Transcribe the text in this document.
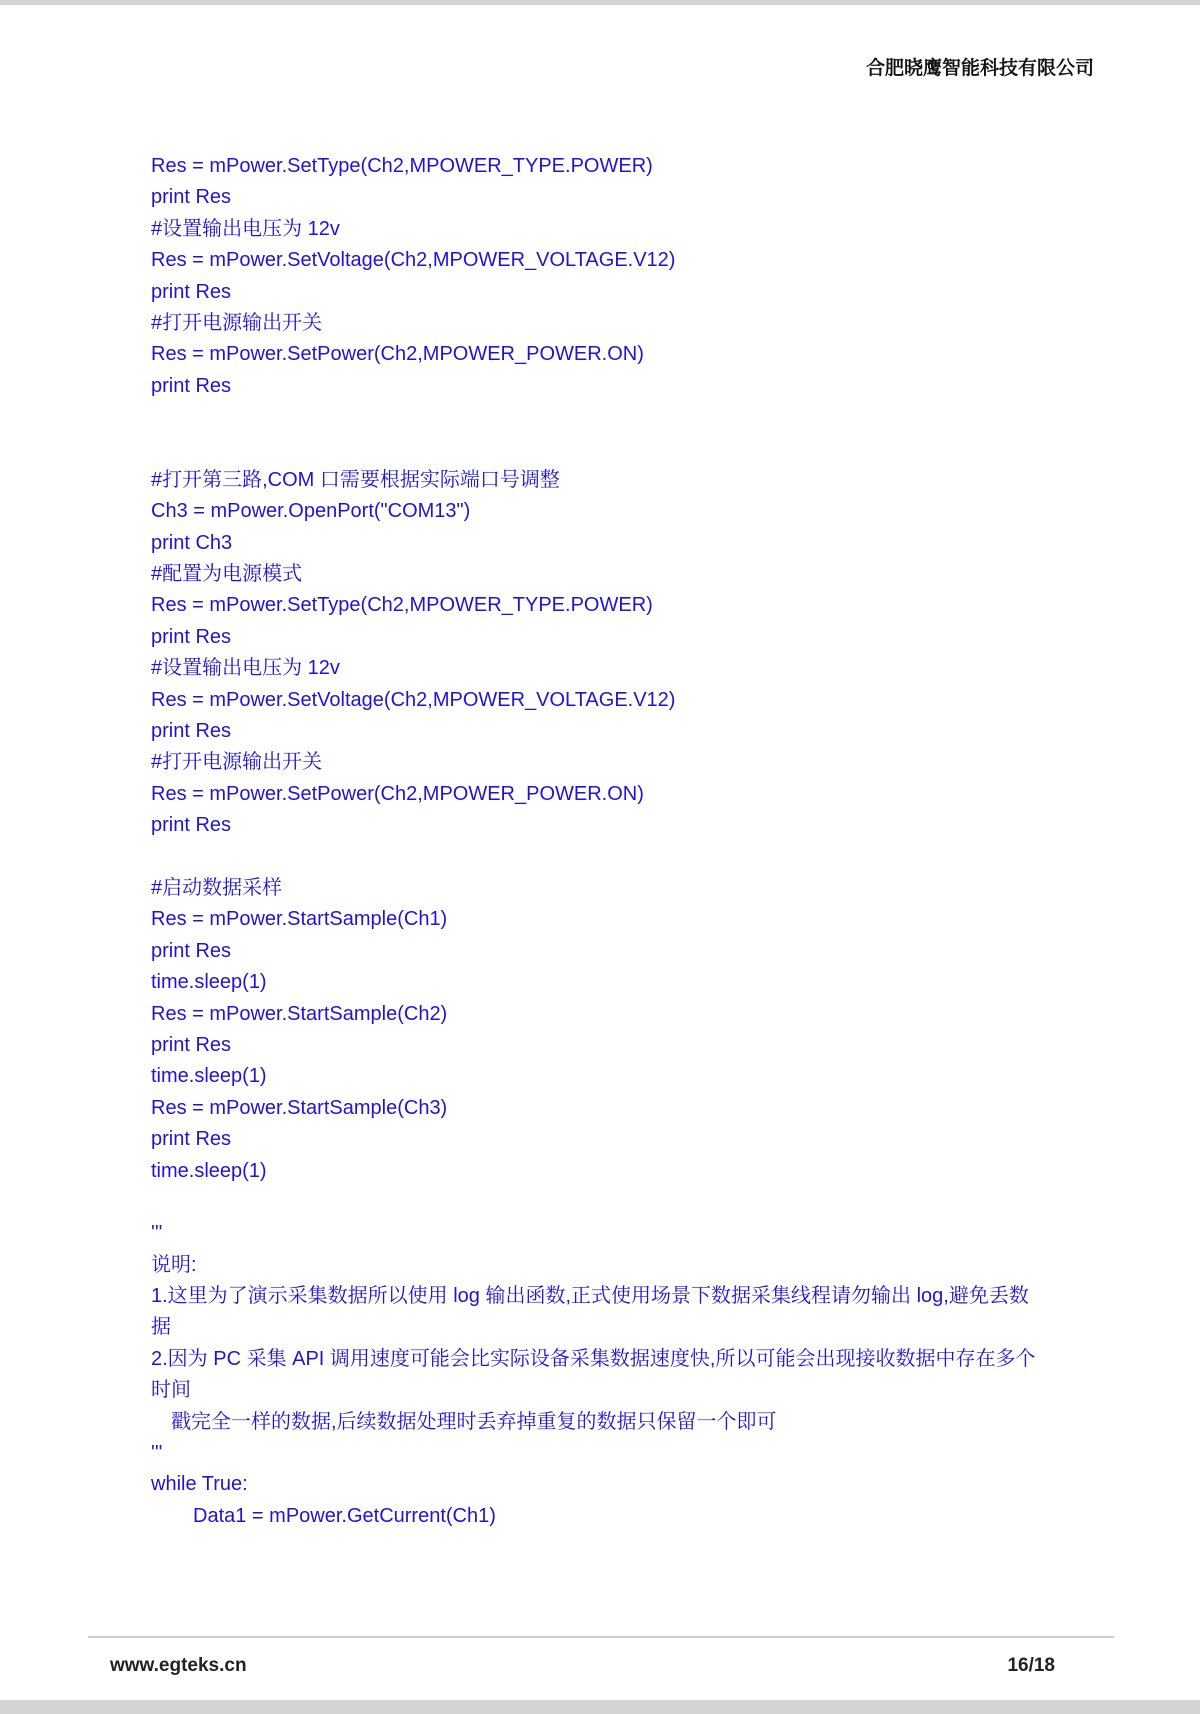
合肥晓鹰智能科技有限公司
Res = mPower.SetType(Ch2,MPOWER_TYPE.POWER)
print Res
#设置输出电压为 12v
Res = mPower.SetVoltage(Ch2,MPOWER_VOLTAGE.V12)
print Res
#打开电源输出开关
Res = mPower.SetPower(Ch2,MPOWER_POWER.ON)
print Res
#打开第三路,COM 口需要根据实际端口号调整
Ch3 = mPower.OpenPort("COM13")
print Ch3
#配置为电源模式
Res = mPower.SetType(Ch2,MPOWER_TYPE.POWER)
print Res
#设置输出电压为 12v
Res = mPower.SetVoltage(Ch2,MPOWER_VOLTAGE.V12)
print Res
#打开电源输出开关
Res = mPower.SetPower(Ch2,MPOWER_POWER.ON)
print Res
#启动数据采样
Res = mPower.StartSample(Ch1)
print Res
time.sleep(1)
Res = mPower.StartSample(Ch2)
print Res
time.sleep(1)
Res = mPower.StartSample(Ch3)
print Res
time.sleep(1)
'''
说明:
1.这里为了演示采集数据所以使用 log 输出函数,正式使用场景下数据采集线程请勿输出 log,避免丢数
据
2.因为 PC 采集 API 调用速度可能会比实际设备采集数据速度快,所以可能会出现接收数据中存在多个
时间
戳完全一样的数据,后续数据处理时丢弃掉重复的数据只保留一个即可
'''
while True:
Data1 = mPower.GetCurrent(Ch1)
www.egteks.cn	16/18
